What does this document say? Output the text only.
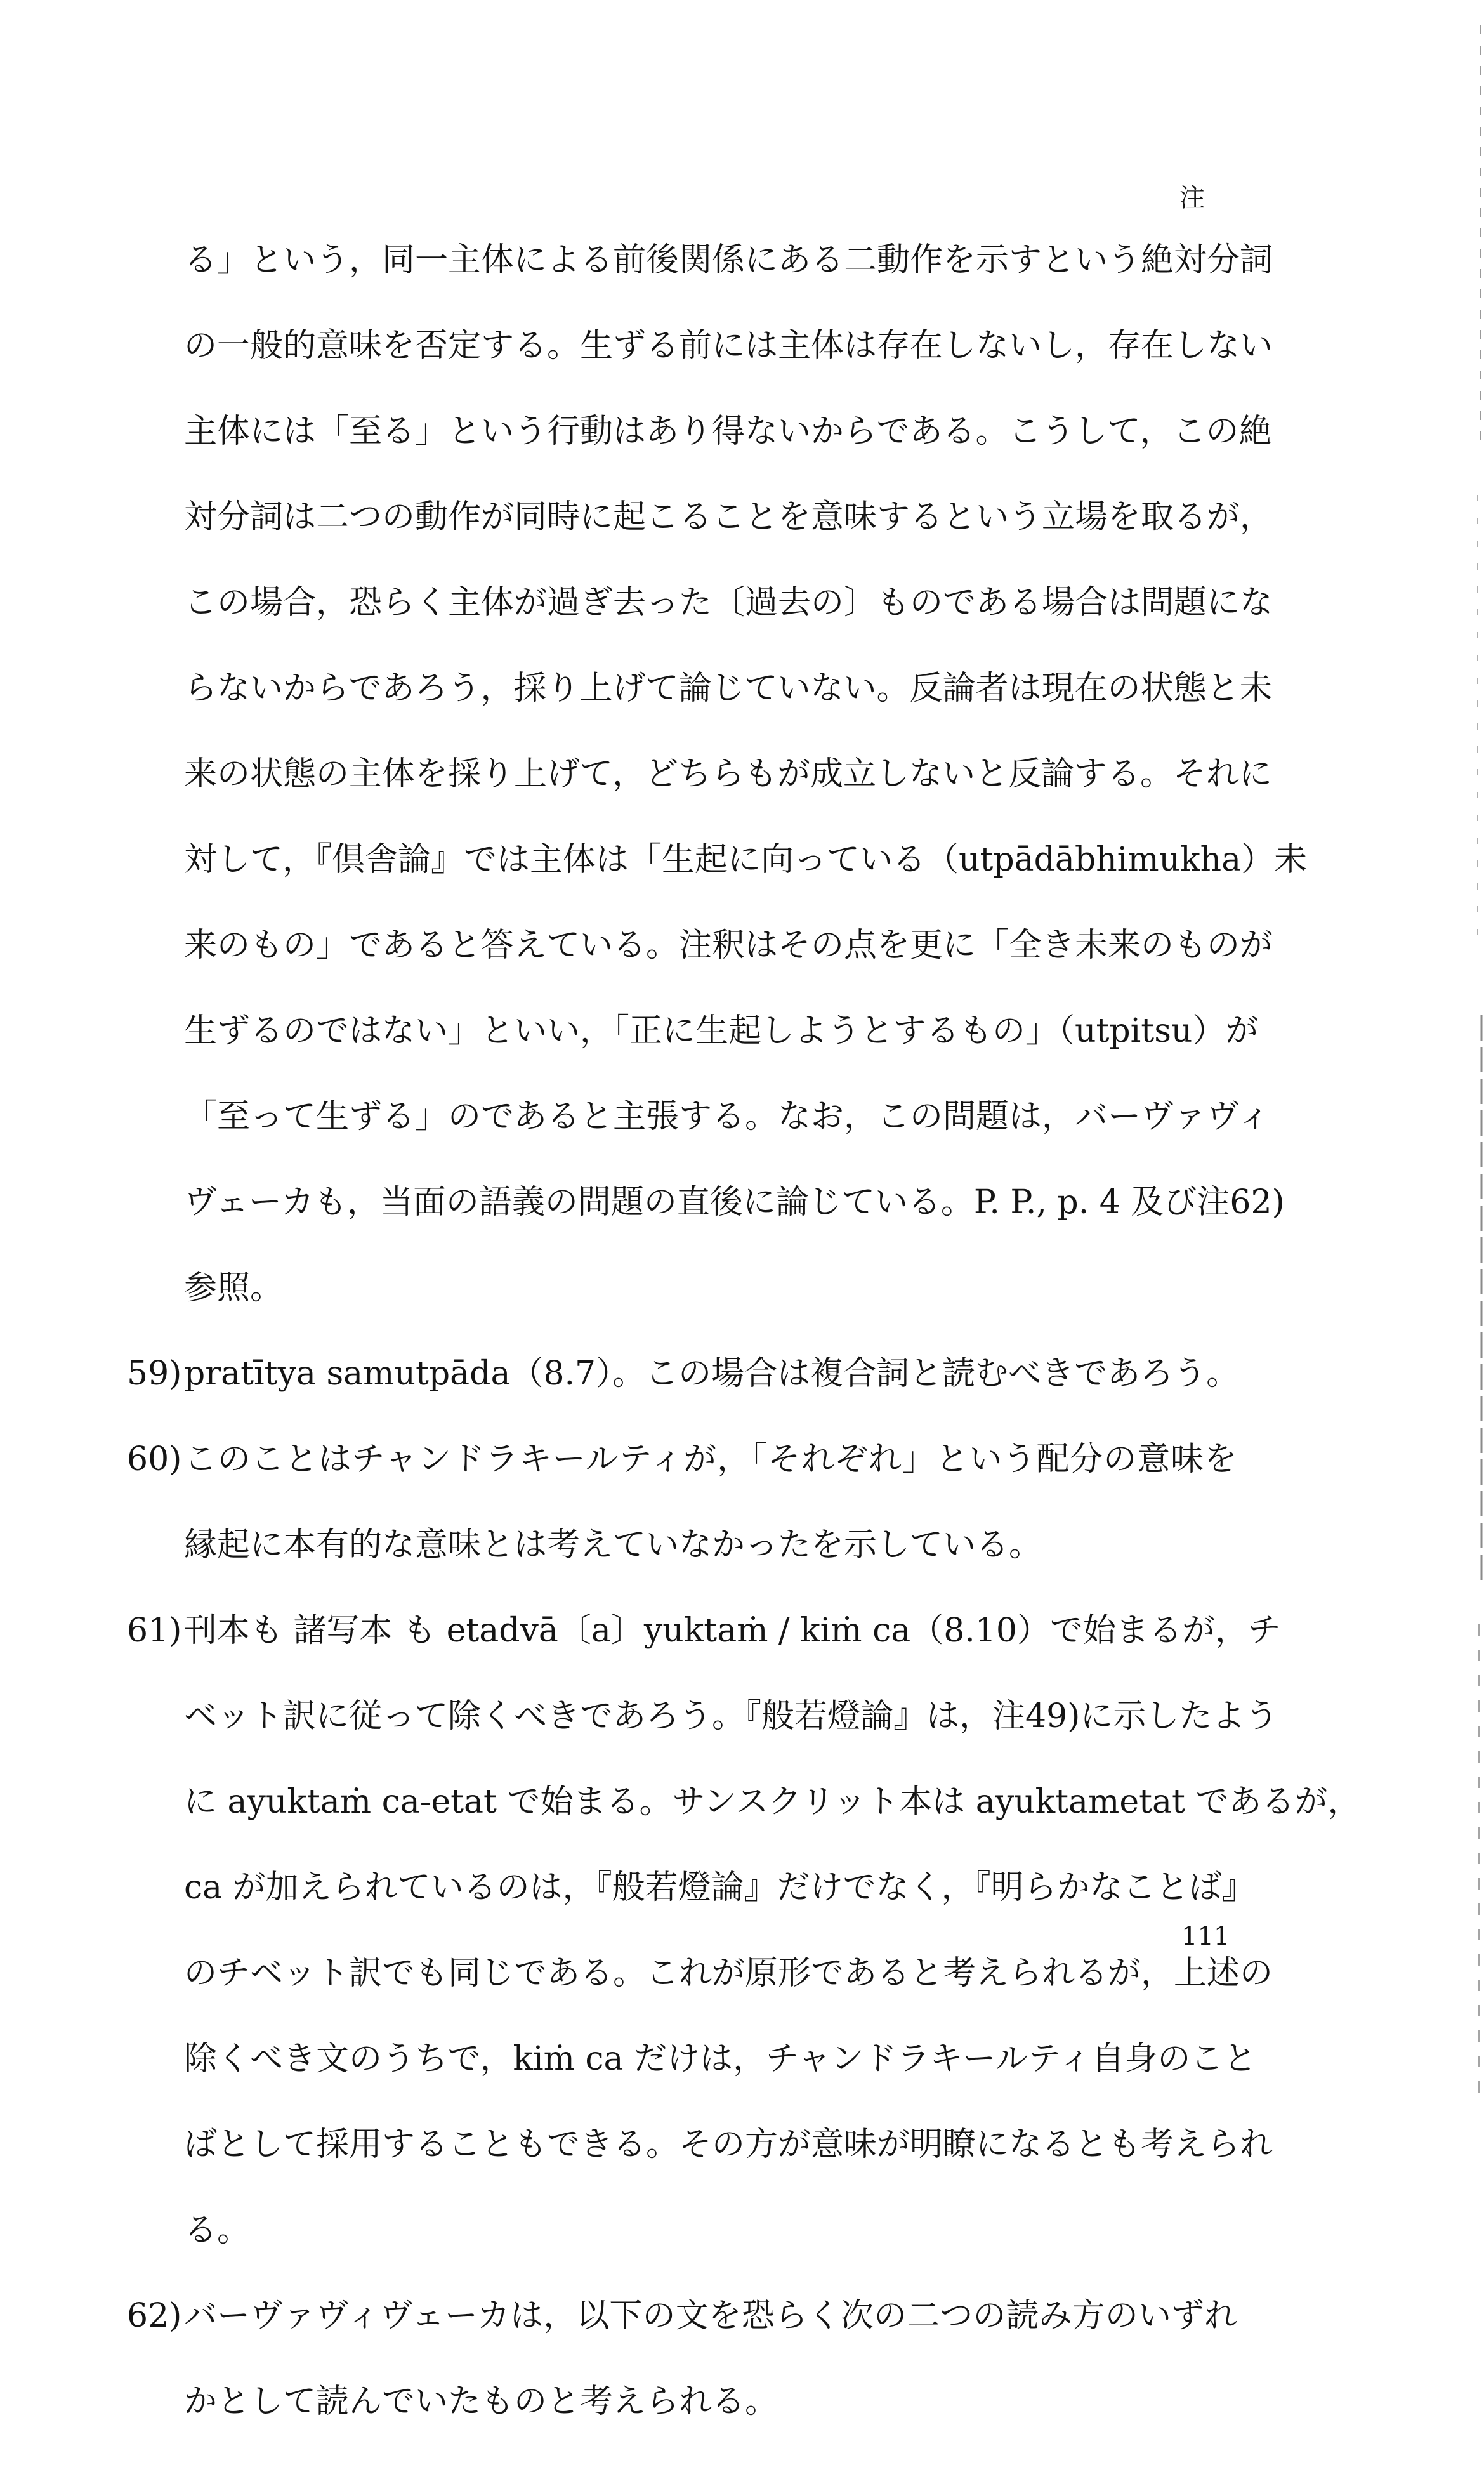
注

る」という，同一主体による前後関係にある二動作を示すという絶対分詞
の一般的意味を否定する。生ずる前には主体は存在しないし，存在しない
主体には「至る」という行動はあり得ないからである。こうして，この絶
対分詞は二つの動作が同時に起こることを意味するという立場を取るが，
この場合，恐らく主体が過ぎ去った〔過去の〕ものである場合は問題にな
らないからであろう，採り上げて論じていない。反論者は現在の状態と未
来の状態の主体を採り上げて，どちらもが成立しないと反論する。それに
対して，『倶舎論』では主体は「生起に向っている（utpādābhimukha）未
来のもの」であると答えている。注釈はその点を更に「全き未来のものが
生ずるのではない」といい，「正に生起しようとするもの」（utpitsu）が
「至って生ずる」のであると主張する。なお，この問題は，バーヴァヴィ
ヴェーカも，当面の語義の問題の直後に論じている。P. P., p. 4 及び注62)
参照。

59) pratītya samutpāda（8.7）。この場合は複合詞と読むべきであろう。
60) このことはチャンドラキールティが，「それぞれ」という配分の意味を
縁起に本有的な意味とは考えていなかったを示している。
61) 刊本も 諸写本 も etadvā〔a〕yuktaṁ / kiṁ ca（8.10）で始まるが，チ
ベット訳に従って除くべきであろう。『般若燈論』は，注49)に示したよう
に ayuktaṁ ca-etat で始まる。サンスクリット本は ayuktametat であるが，
ca が加えられているのは，『般若燈論』だけでなく，『明らかなことば』
のチベット訳でも同じである。これが原形であると考えられるが，上述の
除くべき文のうちで，kiṁ ca だけは，チャンドラキールティ自身のこと
ばとして採用することもできる。その方が意味が明瞭になるとも考えられ
る。
62) バーヴァヴィヴェーカは，以下の文を恐らく次の二つの読み方のいずれ
かとして読んでいたものと考えられる。
111
